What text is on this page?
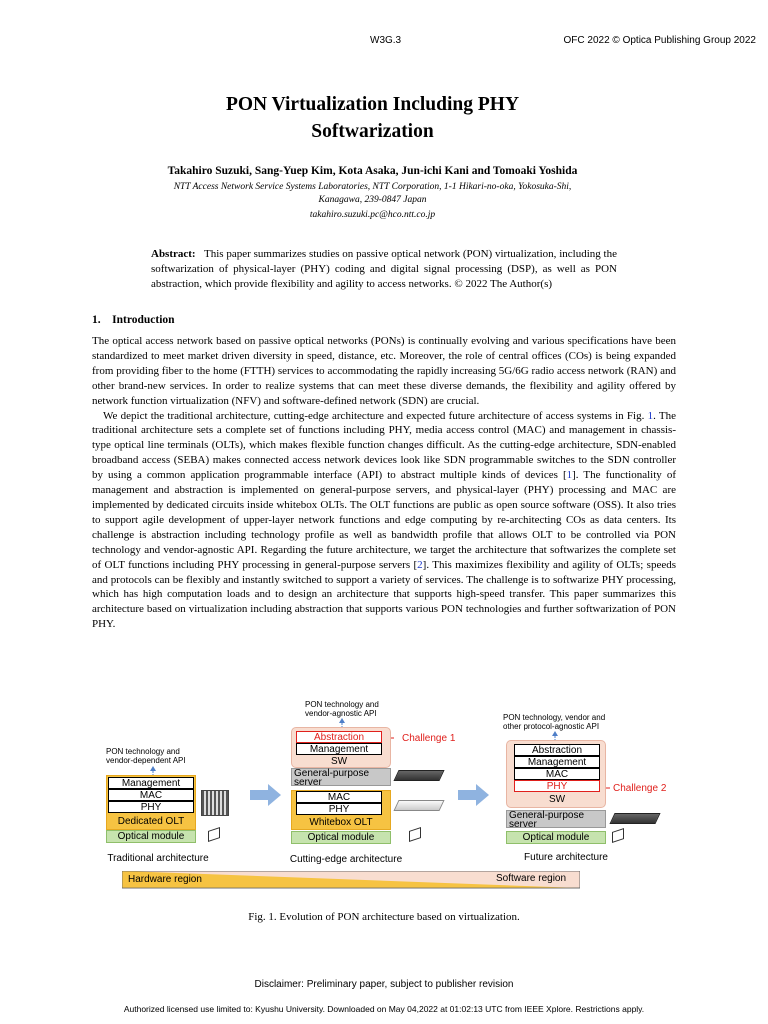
W3G.3	OFC 2022 © Optica Publishing Group 2022
PON Virtualization Including PHY Softwarization
Takahiro Suzuki, Sang-Yuep Kim, Kota Asaka, Jun-ichi Kani and Tomoaki Yoshida
NTT Access Network Service Systems Laboratories, NTT Corporation, 1-1 Hikari-no-oka, Yokosuka-Shi,
Kanagawa, 239-0847 Japan
takahiro.suzuki.pc@hco.ntt.co.jp
Abstract: This paper summarizes studies on passive optical network (PON) virtualization, including the softwarization of physical-layer (PHY) coding and digital signal processing (DSP), as well as PON abstraction, which provide flexibility and agility to access networks. © 2022 The Author(s)
1. Introduction

The optical access network based on passive optical networks (PONs) is continually evolving and various specifications have been standardized to meet market driven diversity in speed, distance, etc. Moreover, the role of central offices (COs) is being expanded from providing fiber to the home (FTTH) services to accommodating the rapidly increasing 5G/6G radio access network (RAN) and other brand-new services. In order to realize systems that can meet these diverse demands, the flexibility and agility offered by network function virtualization (NFV) and software-defined network (SDN) are crucial.

We depict the traditional architecture, cutting-edge architecture and expected future architecture of access systems in Fig. 1. The traditional architecture sets a complete set of functions including PHY, media access control (MAC) and management in chassis-type optical line terminals (OLTs), which makes flexible function changes difficult. As the cutting-edge architecture, SDN-enabled broadband access (SEBA) makes connected access network devices look like SDN programmable switches to the SDN controller by using a common application programmable interface (API) to abstract multiple kinds of devices [1]. The functionality of management and abstraction is implemented on general-purpose servers, and physical-layer (PHY) processing and MAC are implemented by dedicated circuits inside whitebox OLTs. The OLT functions are public as open source software (OSS). It also tries to support agile development of upper-layer network functions and edge computing by re-architecting COs as data centers. Its challenge is abstraction including technology profile as well as bandwidth profile that allows OLT to be controlled via PON technology and vendor-agnostic API. Regarding the future architecture, we target the architecture that softwarizes the complete set of OLT functions including PHY processing in general-purpose servers [2]. This maximizes flexibility and agility of OLTs; speeds and protocols can be flexibly and instantly switched to support a variety of services. The challenge is to softwarize PHY processing, which has high computation loads and to design an architecture that supports high-speed transfer. This paper summarizes this architecture based on virtualization including abstraction that supports various PON technologies and further softwarization of PON PHY.

PON technology and vendor-dependent API
Management
MAC
PHY
Dedicated OLT
Optical module
Traditional architecture
PON technology and vendor-agnostic API
Abstraction
Management
SW
General-purpose server
Challenge 1
MAC
PHY
Whitebox OLT
Optical module
Cutting-edge architecture
PON technology, vendor and other protocol-agnostic API
Abstraction
Management
MAC
PHY
SW
General-purpose server
Challenge 2
Optical module
Future architecture
Hardware region	Software region
Fig. 1. Evolution of PON architecture based on virtualization.
Disclaimer: Preliminary paper, subject to publisher revision
Authorized licensed use limited to: Kyushu University. Downloaded on May 04,2022 at 01:02:13 UTC from IEEE Xplore. Restrictions apply.
